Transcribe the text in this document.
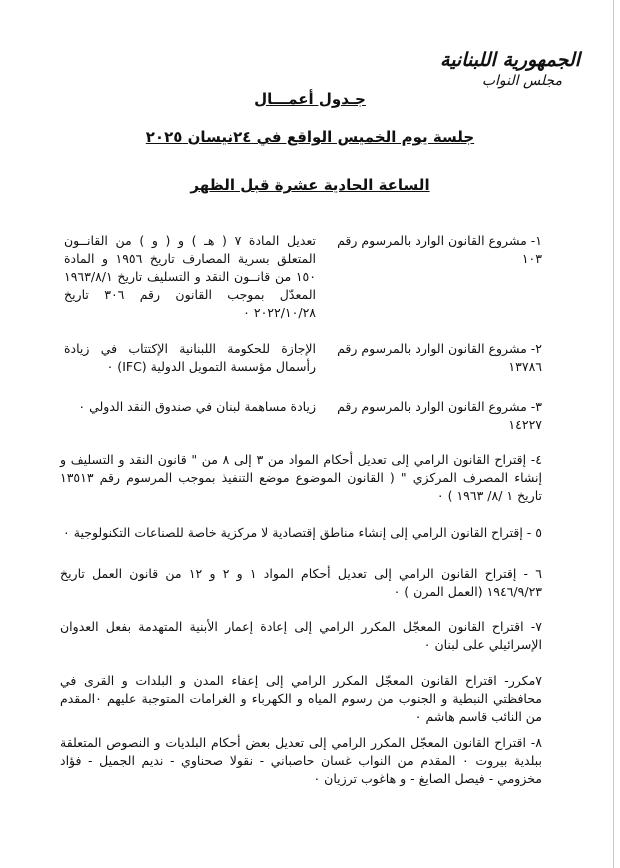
الجمهورية اللبنانية
مجلس النواب
جـدول أعمـــال
جلسة يوم الخميس الواقع في ٢٤نيسان ٢٠٢٥
الساعة الحادية عشرة قبل الظهر
١- مشروع القانون الوارد بالمرسوم رقم ١٠٣
تعديل المادة ٧ ( هـ ) و ( و ) من القانــون المتعلق بسرية المصارف تاريخ ١٩٥٦ و المادة ١٥٠ من قانــون النقد و التسليف تاريخ ١٩٦٣/٨/١ المعدّل بموجب القانون رقم ٣٠٦ تاريخ ٢٠٢٢/١٠/٢٨ ٠
٢- مشروع القانون الوارد بالمرسوم رقم ١٣٧٨٦
الإجازة للحكومة اللبنانية الإكتتاب في زيادة رأسمال مؤسسة التمويل الدولية (IFC) ٠
٣- مشروع القانون الوارد بالمرسوم رقم ١٤٢٢٧
زيادة مساهمة لبنان في صندوق النقد الدولي ٠
٤- إقتراح القانون الرامي إلى تعديل أحكام المواد من ٣ إلى ٨ من " قانون النقد و التسليف و إنشاء المصرف المركزي " ( القانون الموضوع موضع التنفيذ بموجب المرسوم رقم ١٣٥١٣ تاريخ ١ /٨/ ١٩٦٣ ) ٠
٥ - إقتراح القانون الرامي إلى إنشاء مناطق إقتصادية لا مركزية خاصة للصناعات التكنولوجية ٠
٦ - إقتراح القانون الرامي إلى تعديل أحكام المواد ١ و ٢ و ١٢ من قانون العمل تاريخ ١٩٤٦/٩/٢٣ (العمل المرن ) ٠
٧- اقتراح القانون المعجّل المكرر الرامي إلى إعادة إعمار الأبنية المتهدمة بفعل العدوان الإسرائيلي على لبنان ٠
٧مكرر- اقتراح القانون المعجّل المكرر الرامي إلى إعفاء المدن و البلدات و القرى في محافظتي النبطية و الجنوب من رسوم المياه و الكهرباء و الغرامات المتوجبة عليهم ٠المقدم من النائب قاسم هاشم ٠
٨- اقتراح القانون المعجّل المكرر الرامي إلى تعديل بعض أحكام البلديات و النصوص المتعلقة ببلدية بيروت ٠ المقدم من النواب غسان حاصباني - نقولا صحناوي - نديم الجميل - فؤاد مخزومي - فيصل الصايغ - و هاغوب ترزيان ٠
